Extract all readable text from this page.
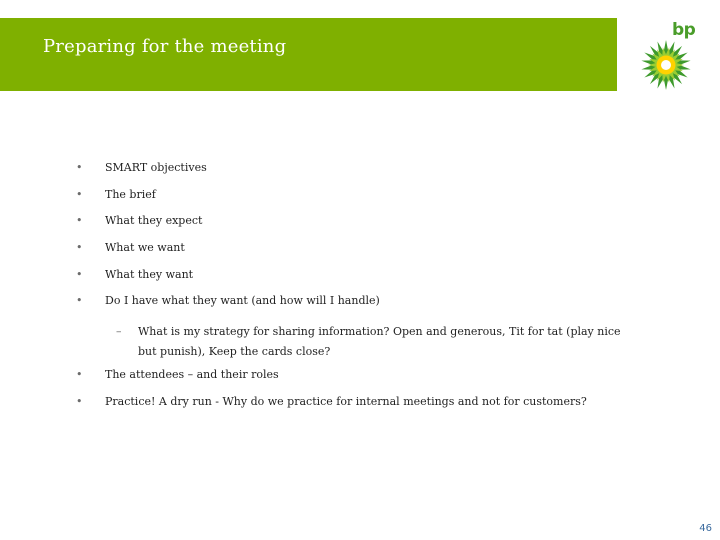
Preparing for the meeting
bp
• SMART objectives
• The brief
• What they expect
• What we want
• What they want
• Do I have what they want (and how will I handle)
– What is my strategy for sharing information? Open and generous, Tit for tat (play nice but punish), Keep the cards close?
• The attendees – and their roles
• Practice! A dry run - Why do we practice for internal meetings and not for customers?
46
